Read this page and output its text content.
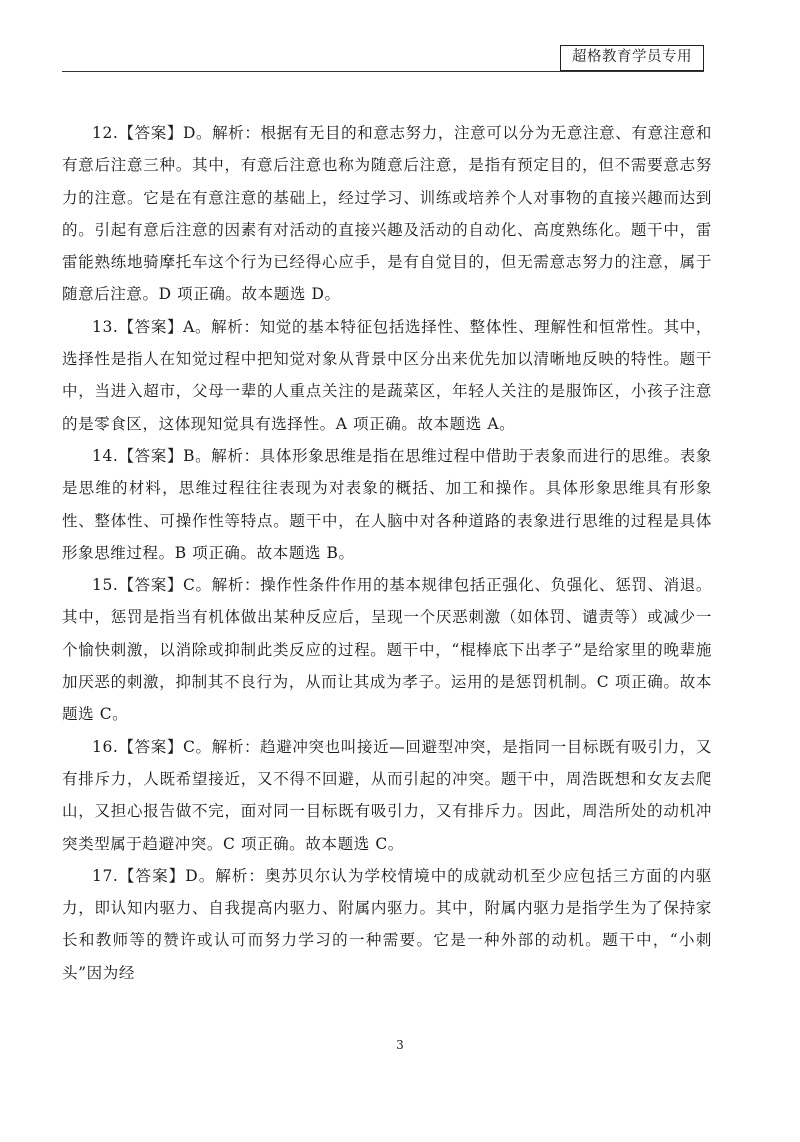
超格教育学员专用

12.【答案】D。解析：根据有无目的和意志努力，注意可以分为无意注意、有意注意和有意后注意三种。其中，有意后注意也称为随意后注意，是指有预定目的，但不需要意志努力的注意。它是在有意注意的基础上，经过学习、训练或培养个人对事物的直接兴趣而达到的。引起有意后注意的因素有对活动的直接兴趣及活动的自动化、高度熟练化。题干中，雷雷能熟练地骑摩托车这个行为已经得心应手，是有自觉目的，但无需意志努力的注意，属于随意后注意。D 项正确。故本题选 D。

13.【答案】A。解析：知觉的基本特征包括选择性、整体性、理解性和恒常性。其中，选择性是指人在知觉过程中把知觉对象从背景中区分出来优先加以清晰地反映的特性。题干中，当进入超市，父母一辈的人重点关注的是蔬菜区，年轻人关注的是服饰区，小孩子注意的是零食区，这体现知觉具有选择性。A 项正确。故本题选 A。

14.【答案】B。解析：具体形象思维是指在思维过程中借助于表象而进行的思维。表象是思维的材料，思维过程往往表现为对表象的概括、加工和操作。具体形象思维具有形象性、整体性、可操作性等特点。题干中，在人脑中对各种道路的表象进行思维的过程是具体形象思维过程。B 项正确。故本题选 B。

15.【答案】C。解析：操作性条件作用的基本规律包括正强化、负强化、惩罚、消退。其中，惩罚是指当有机体做出某种反应后，呈现一个厌恶刺激（如体罚、谴责等）或减少一个愉快刺激，以消除或抑制此类反应的过程。题干中，“棍棒底下出孝子”是给家里的晚辈施加厌恶的刺激，抑制其不良行为，从而让其成为孝子。运用的是惩罚机制。C 项正确。故本题选 C。

16.【答案】C。解析：趋避冲突也叫接近—回避型冲突，是指同一目标既有吸引力，又有排斥力，人既希望接近，又不得不回避，从而引起的冲突。题干中，周浩既想和女友去爬山，又担心报告做不完，面对同一目标既有吸引力，又有排斥力。因此，周浩所处的动机冲突类型属于趋避冲突。C 项正确。故本题选 C。

17.【答案】D。解析：奥苏贝尔认为学校情境中的成就动机至少应包括三方面的内驱力，即认知内驱力、自我提高内驱力、附属内驱力。其中，附属内驱力是指学生为了保持家长和教师等的赞许或认可而努力学习的一种需要。它是一种外部的动机。题干中，“小刺头”因为经

3
